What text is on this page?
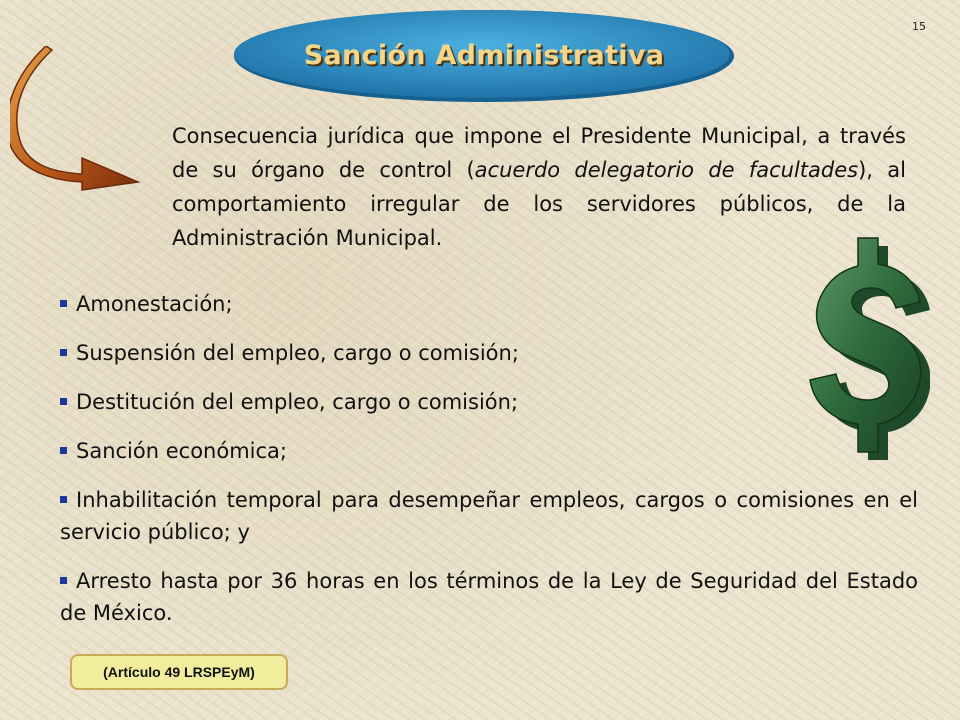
15
Sanción Administrativa

Consecuencia jurídica que impone el Presidente Municipal, a través de su órgano de control (acuerdo delegatorio de facultades), al comportamiento irregular de los servidores públicos, de la Administración Municipal.

Amonestación;
Suspensión del empleo, cargo o comisión;
Destitución del empleo, cargo o comisión;
Sanción económica;
Inhabilitación temporal para desempeñar empleos, cargos o comisiones en el servicio público; y
Arresto hasta por 36 horas en los términos de la Ley de Seguridad del Estado de México.
(Artículo 49 LRSPEyM)
